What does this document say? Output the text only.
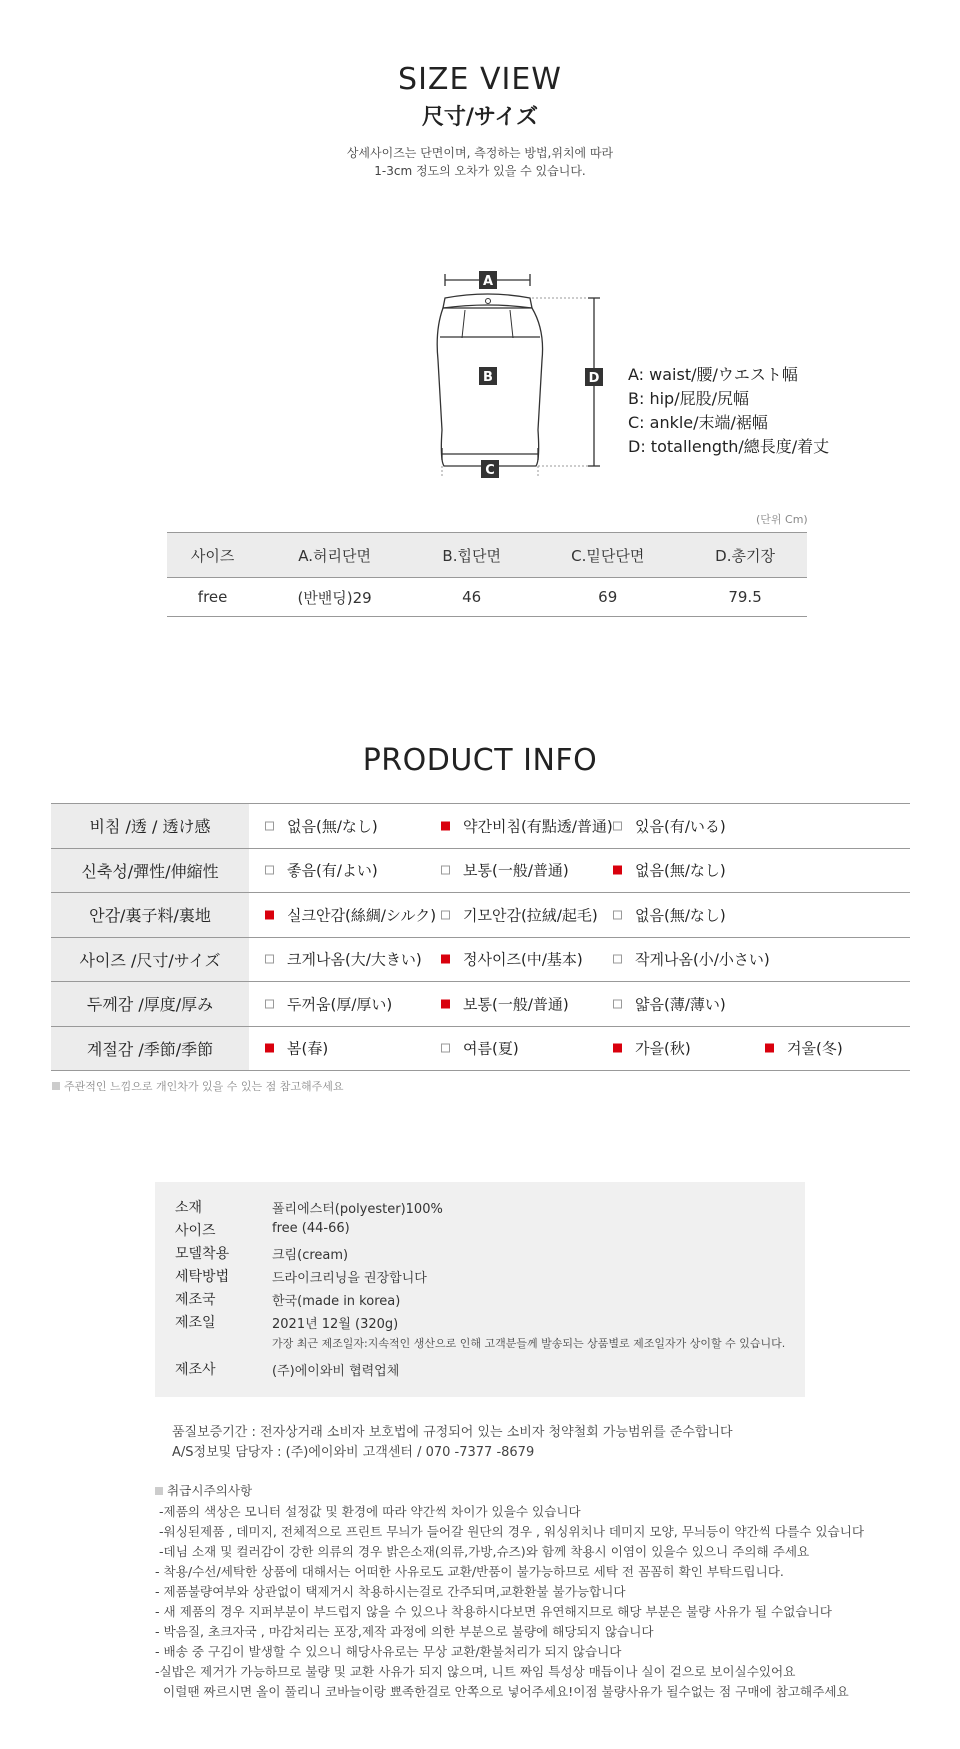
SIZE VIEW
尺寸/サイズ
상세사이즈는 단면이며, 측정하는 방법,위치에 따라
1-3cm 정도의 오차가 있을 수 있습니다.
A
B
C
D A: waist/腰/ウエスト幅
B: hip/屁股/尻幅
C: ankle/末端/裾幅
D: totallength/總長度/着丈
(단위 Cm)
사이즈	A.허리단면	B.힙단면	C.밑단단면	D.총기장
free	(반밴딩)29	46	69	79.5
PRODUCT INFO
비침 /透 / 透け感	없음(無/なし) 약간비침(有點透/普通) 있음(有/いる)

신축성/彈性/伸縮性	좋음(有/よい) 보통(一般/普通) 없음(無/なし)

안감/裏子料/裏地	실크안감(絲綢/シルク) 기모안감(拉絨/起毛) 없음(無/なし)

사이즈 /尺寸/サイズ	크게나옴(大/大きい) 정사이즈(中/基本) 작게나옴(小/小さい)

두께감 /厚度/厚み	두꺼움(厚/厚い) 보통(一般/普通) 얇음(薄/薄い)

계절감 /季節/季節	봄(春) 여름(夏) 가을(秋) 겨울(冬)
주관적인 느낌으로 개인차가 있을 수 있는 점 참고해주세요
소재	폴리에스터(polyester)100%
사이즈	free (44-66)
모델착용	크림(cream)
세탁방법	드라이크리닝을 권장합니다
제조국	한국(made in korea)
제조일	2021년 12월 (320g)
가장 최근 제조일자:지속적인 생산으로 인해 고객분들께 발송되는 상품별로 제조일자가 상이할 수 있습니다.
제조사	(주)에이와비 협력업체
품질보증기간 : 전자상거래 소비자 보호법에 규정되어 있는 소비자 청약철회 가능범위를 준수합니다
A/S정보및 담당자 : (주)에이와비 고객센터 / 070 -7377 -8679
취급시주의사항
-제품의 색상은 모니터 설정값 및 환경에 따라 약간씩 차이가 있을수 있습니다
-워싱된제품 , 데미지, 전체적으로 프린트 무늬가 들어갈 원단의 경우 , 워싱위치나 데미지 모양, 무늬등이 약간씩 다를수 있습니다
-데님 소재 및 컬러감이 강한 의류의 경우 밝은소재(의류,가방,슈즈)와 함께 착용시 이염이 있을수 있으니 주의해 주세요
- 착용/수선/세탁한 상품에 대해서는 어떠한 사유로도 교환/반품이 불가능하므로 세탁 전 꼼꼼히 확인 부탁드립니다.
- 제품불량여부와 상관없이 택제거시 착용하시는걸로 간주되며,교환환불 불가능합니다
- 새 제품의 경우 지퍼부분이 부드럽지 않을 수 있으나 착용하시다보면 유연해지므로 해당 부분은 불량 사유가 될 수없습니다
- 박음질, 초크자국 , 마감처리는 포장,제작 과정에 의한 부분으로 불량에 해당되지 않습니다
- 배송 중 구김이 발생할 수 있으니 해당사유로는 무상 교환/환불처리가 되지 않습니다
-실밥은 제거가 가능하므로 불량 및 교환 사유가 되지 않으며, 니트 짜임 특성상 매듭이나 실이 겉으로 보이실수있어요
이럴땐 짜르시면 올이 풀리니 코바늘이랑 뾰족한걸로 안쪽으로 넣어주세요!이점 불량사유가 될수없는 점 구매에 참고해주세요
